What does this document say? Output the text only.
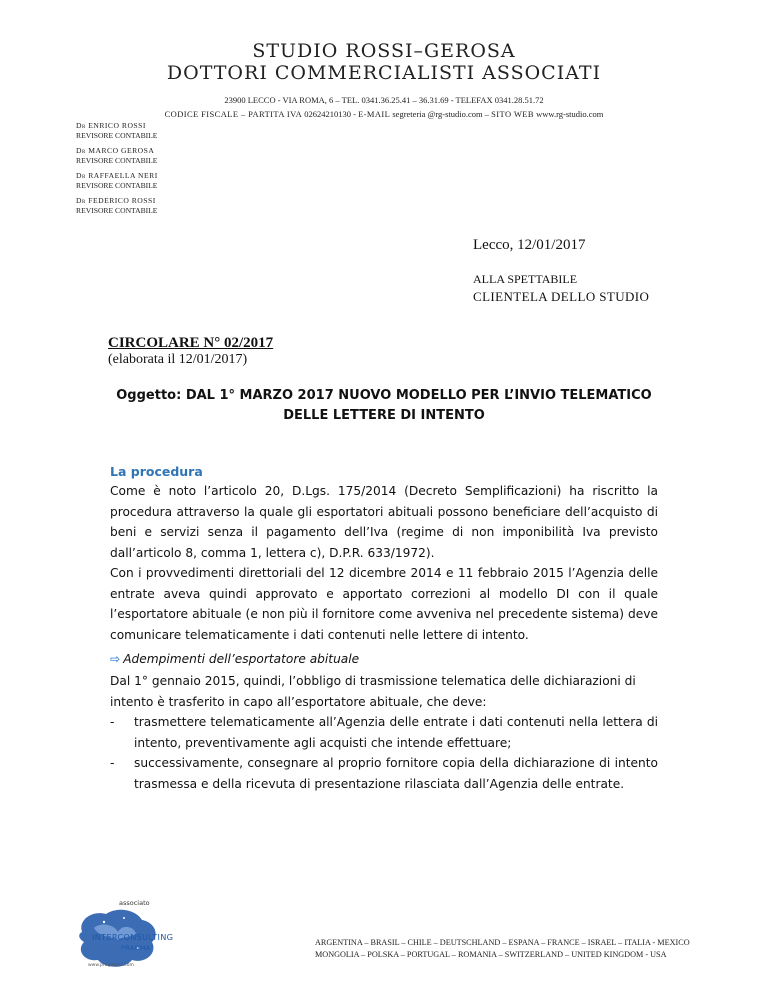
STUDIO ROSSI–GEROSA
DOTTORI COMMERCIALISTI ASSOCIATI
23900 LECCO - VIA ROMA, 6 – TEL. 0341.36.25.41 – 36.31.69 - TELEFAX 0341.28.51.72
CODICE FISCALE – PARTITA IVA 02624210130 - E-MAIL segreteria @rg-studio.com – SITO WEB www.rg-studio.com
Dr ENRICO ROSSI
REVISORE CONTABILE
Dr MARCO GEROSA
REVISORE CONTABILE
Dr RAFFAELLA NERI
REVISORE CONTABILE
Dr FEDERICO ROSSI
REVISORE CONTABILE
Lecco, 12/01/2017
ALLA SPETTABILE
CLIENTELA DELLO STUDIO
CIRCOLARE N° 02/2017
(elaborata il 12/01/2017)
Oggetto: DAL 1° MARZO 2017 NUOVO MODELLO PER L’INVIO TELEMATICO
DELLE LETTERE DI INTENTO
La procedura
Come è noto l’articolo 20, D.Lgs. 175/2014 (Decreto Semplificazioni) ha riscritto la procedura attraverso la quale gli esportatori abituali possono beneficiare dell’acquisto di beni e servizi senza il pagamento dell’Iva (regime di non imponibilità Iva previsto dall’articolo 8, comma 1, lettera c), D.P.R. 633/1972).
Con i provvedimenti direttoriali del 12 dicembre 2014 e 11 febbraio 2015 l’Agenzia delle entrate aveva quindi approvato e apportato correzioni al modello DI con il quale l’esportatore abituale (e non più il fornitore come avveniva nel precedente sistema) deve comunicare telematicamente i dati contenuti nelle lettere di intento.
⇨ Adempimenti dell’esportatore abituale
Dal 1° gennaio 2015, quindi, l’obbligo di trasmissione telematica delle dichiarazioni di intento è trasferito in capo all’esportatore abituale, che deve:
- trasmettere telematicamente all’Agenzia delle entrate i dati contenuti nella lettera di intento, preventivamente agli acquisti che intende effettuare;
- successivamente, consegnare al proprio fornitore copia della dichiarazione di intento trasmessa e della ricevuta di presentazione rilasciata dall’Agenzia delle entrate.
associato
INTERCONSULTING
PRAGMA
www.pragma-ic.com
ARGENTINA – BRASIL – CHILE – DEUTSCHLAND – ESPANA – FRANCE – ISRAEL – ITALIA - MEXICO
MONGOLIA – POLSKA – PORTUGAL – ROMANIA – SWITZERLAND – UNITED KINGDOM - USA
